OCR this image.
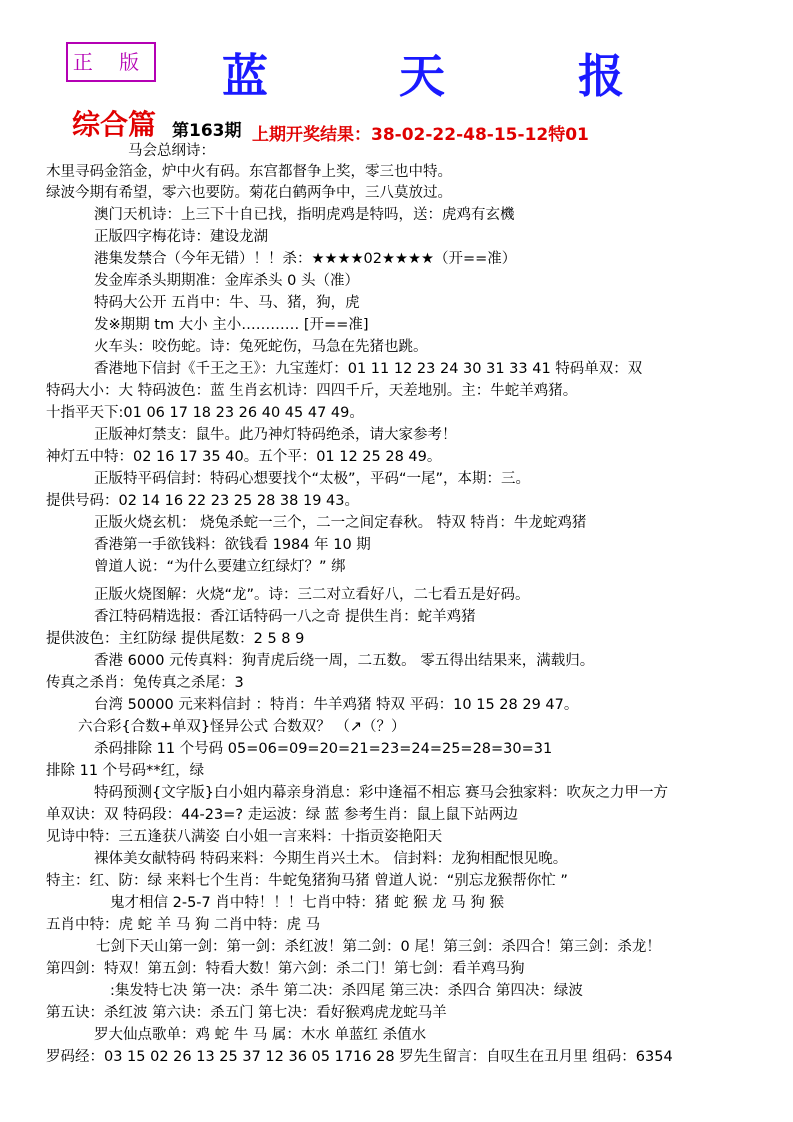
正 版 蓝	天	报
综合篇 第163期 上期开奖结果：38-02-22-48-15-12特01
马会总纲诗：
木里寻码金箔金，炉中火有码。东宫都督争上奖，零三也中特。
绿波今期有希望，零六也要防。菊花白鹤两争中，三八莫放过。
澳门天机诗：上三下十自已找，指明虎鸡是特吗，送：虎鸡有玄機
正版四字梅花诗：建设龙湖
港集发禁合（今年无错）！！杀：★★★★02★★★★（开==准）
发金库杀头期期准：金库杀头 0 头（准）
特码大公开 五肖中：牛、马、猪，狗，虎
发※期期 tm 大小 主小………… [开==准]
火车头：咬伤蛇。诗：兔死蛇伤，马急在先猪也跳。
香港地下信封《千王之王》：九宝莲灯：01 11 12 23 24 30 31 33 41 特码单双：双
特码大小：大 特码波色：蓝 生肖玄机诗：四四千斤，天差地别。主：牛蛇羊鸡猪。
十指平天下:01 06 17 18 23 26 40 45 47 49。
正版神灯禁支：鼠牛。此乃神灯特码绝杀，请大家参考！
神灯五中特：02 16 17 35 40。五个平：01 12 25 28 49。
正版特平码信封：特码心想要找个“太极”，平码“一尾”，本期：三。
提供号码：02 14 16 22 23 25 28 38 19 43。
正版火烧玄机： 烧兔杀蛇一三个，二一之间定春秋。 特双 特肖：牛龙蛇鸡猪
香港第一手欲钱料：欲钱看 1984 年 10 期
曾道人说：“为什么要建立红绿灯？” 绑
正版火烧图解：火烧“龙”。诗：三二对立看好八，二七看五是好码。
香江特码精选报：香江话特码一八之奇 提供生肖：蛇羊鸡猪
提供波色：主红防绿 提供尾数：2 5 8 9
香港 6000 元传真料：狗青虎后绕一周，二五数。 零五得出结果来，满载归。
传真之杀肖：兔传真之杀尾：3
台湾 50000 元来料信封 ：特肖：牛羊鸡猪 特双 平码：10 15 28 29 47。
六合彩{合数+单双}怪异公式 合数双？ （↗（？）
杀码排除 11 个号码 05=06=09=20=21=23=24=25=28=30=31
排除 11 个号码**红，绿
特码预测{文字版}白小姐内幕亲身消息：彩中逢福不相忘 赛马会独家料：吹灰之力甲一方
单双诀：双 特码段：44-23=? 走运波：绿 蓝 参考生肖：鼠上鼠下站两边
见诗中特：三五逢获八满姿 白小姐一言来料：十指贡姿艳阳天
裸体美女献特码 特码来料：今期生肖兴土木。 信封料：龙狗相配恨见晚。
特主：红、防：绿 来料七个生肖：牛蛇兔猪狗马猪 曾道人说：“别忘龙猴帮你忙 ”
鬼才相信 2-5-7 肖中特！！！七肖中特：猪 蛇 猴 龙 马 狗 猴
五肖中特：虎 蛇 羊 马 狗 二肖中特：虎 马
七剑下天山第一剑：第一剑：杀红波！第二剑：0 尾！第三剑：杀四合！第三剑：杀龙！
第四剑：特双！第五剑：特看大数！第六剑：杀二门！第七剑：看羊鸡马狗
:集发特七决 第一决：杀牛 第二决：杀四尾 第三决：杀四合 第四决：绿波
第五诀：杀红波 第六诀：杀五门 第七决：看好猴鸡虎龙蛇马羊
罗大仙点歌单：鸡 蛇 牛 马 属：木水 单蓝红 杀值水
罗码经：03 15 02 26 13 25 37 12 36 05 1716 28 罗先生留言：自叹生在丑月里 组码：6354
